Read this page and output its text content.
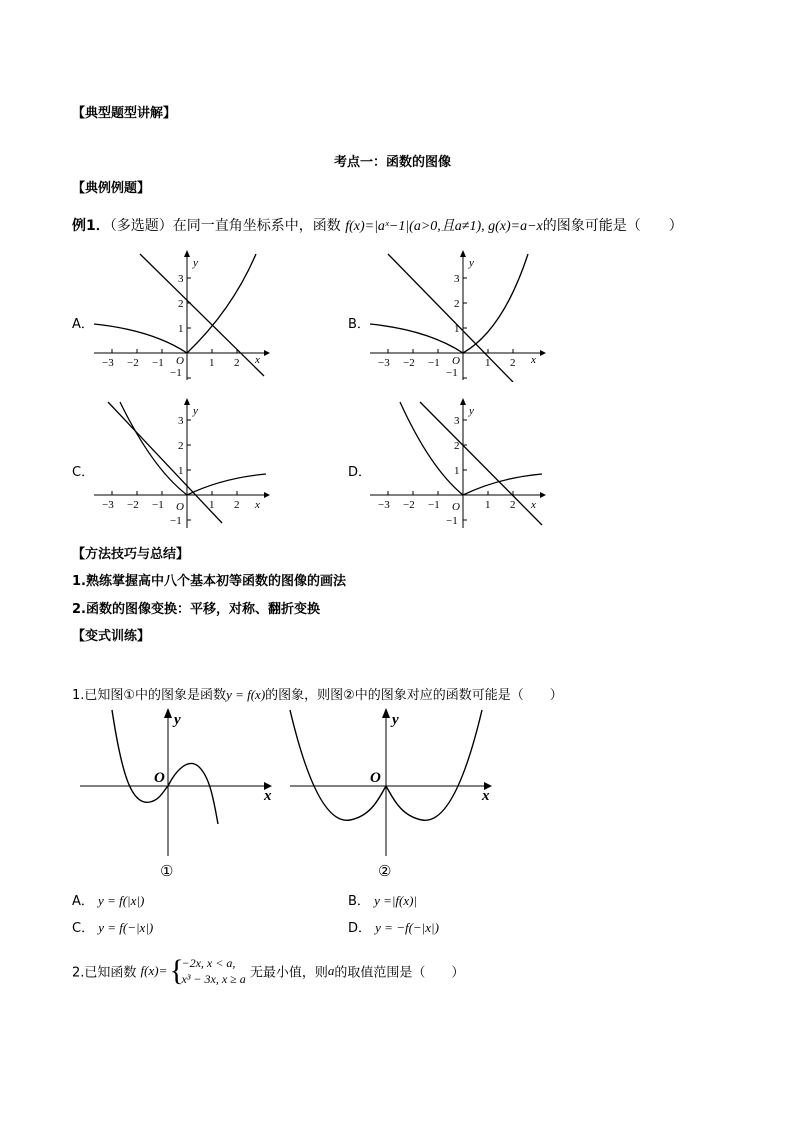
【典型题型讲解】
考点一：函数的图像
【典例例题】
例1．（多选题）在同一直角坐标系中，函数 f(x)=|aˣ−1|(a>0,且a≠1), g(x)=a−x的图象可能是（　　）
A．	B．
C．	D．
−3 −2 −1	1 2
3
2
1
−1
O	x
y
−3 −2 −1	1 2
3
2
1
−1
O	x
y
−3 −2 −1	1 2
3
2
1
−1
O	x
y
−3 −2 −1	1 2
3
2
1
−1
O	x
y
【方法技巧与总结】
1.熟练掌握高中八个基本初等函数的图像的画法
2.函数的图像变换：平移，对称、翻折变换
【变式训练】
1.已知图①中的图象是函数y = f(x)的图象，则图②中的图象对应的函数可能是（　　）
O
x
y
①
O
x
y
②
A． y = f(|x|)	B． y =|f(x)|
C． y = f(−|x|)	D． y = −f(−|x|)
2.已知函数 f(x)= { −2x, x < a,
x³ − 3x, x ≥ a 无最小值，则a的取值范围是（　　）
